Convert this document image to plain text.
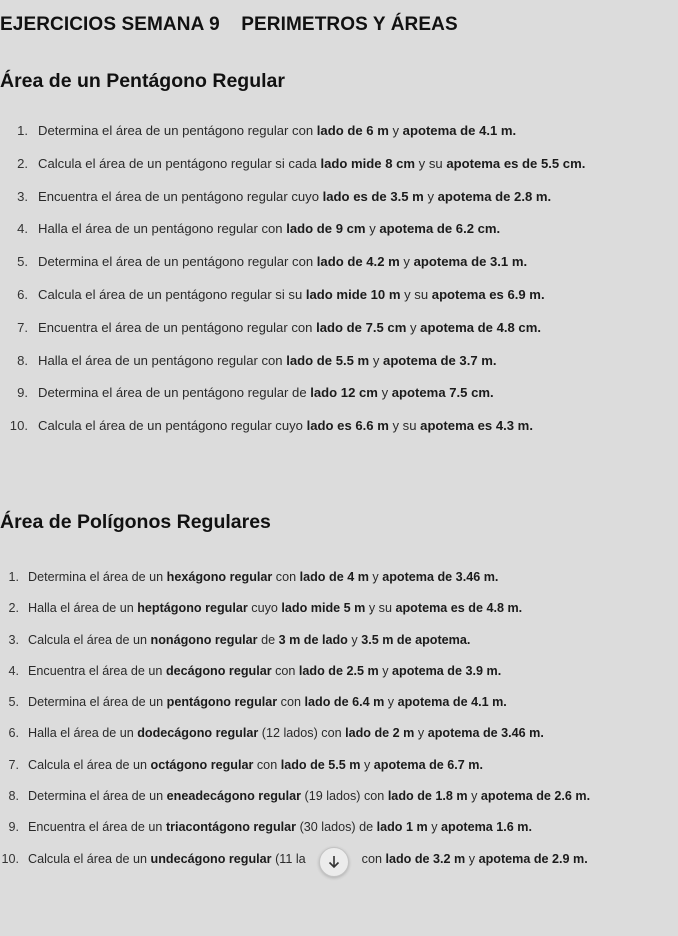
EJERCICIOS SEMANA 9    PERIMETROS Y ÁREAS
Área de un Pentágono Regular
1. Determina el área de un pentágono regular con lado de 6 m y apotema de 4.1 m.
2. Calcula el área de un pentágono regular si cada lado mide 8 cm y su apotema es de 5.5 cm.
3. Encuentra el área de un pentágono regular cuyo lado es de 3.5 m y apotema de 2.8 m.
4. Halla el área de un pentágono regular con lado de 9 cm y apotema de 6.2 cm.
5. Determina el área de un pentágono regular con lado de 4.2 m y apotema de 3.1 m.
6. Calcula el área de un pentágono regular si su lado mide 10 m y su apotema es 6.9 m.
7. Encuentra el área de un pentágono regular con lado de 7.5 cm y apotema de 4.8 cm.
8. Halla el área de un pentágono regular con lado de 5.5 m y apotema de 3.7 m.
9. Determina el área de un pentágono regular de lado 12 cm y apotema 7.5 cm.
10. Calcula el área de un pentágono regular cuyo lado es 6.6 m y su apotema es 4.3 m.
Área de Polígonos Regulares
1. Determina el área de un hexágono regular con lado de 4 m y apotema de 3.46 m.
2. Halla el área de un heptágono regular cuyo lado mide 5 m y su apotema es de 4.8 m.
3. Calcula el área de un nonágono regular de 3 m de lado y 3.5 m de apotema.
4. Encuentra el área de un decágono regular con lado de 2.5 m y apotema de 3.9 m.
5. Determina el área de un pentágono regular con lado de 6.4 m y apotema de 4.1 m.
6. Halla el área de un dodecágono regular (12 lados) con lado de 2 m y apotema de 3.46 m.
7. Calcula el área de un octágono regular con lado de 5.5 m y apotema de 6.7 m.
8. Determina el área de un eneadecágono regular (19 lados) con lado de 1.8 m y apotema de 2.6 m.
9. Encuentra el área de un triacontágono regular (30 lados) de lado 1 m y apotema 1.6 m.
10. Calcula el área de un undecágono regular (11 la	con lado de 3.2 m y apotema de 2.9 m.
